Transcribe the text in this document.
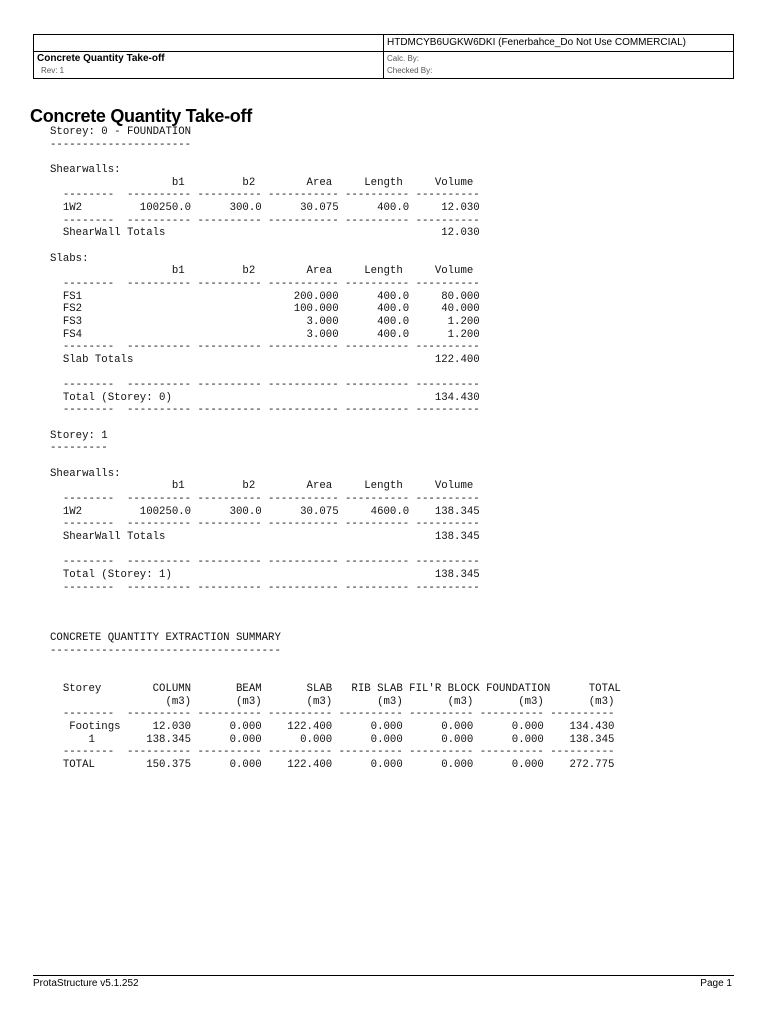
HTDMCYB6UGKW6DKI (Fenerbahce_Do Not Use COMMERCIAL)
Concrete Quantity Take-off
Rev: 1
Calc. By:
Checked By:
Concrete Quantity Take-off
Storey: 0 - FOUNDATION
----------------------

Shearwalls:
b1         b2        Area     Length     Volume
--------  ---------- ---------- ----------- ---------- ----------
1W2         100250.0      300.0      30.075      400.0     12.030
--------  ---------- ---------- ----------- ---------- ----------
ShearWall Totals                                           12.030

Slabs:
b1         b2        Area     Length     Volume
--------  ---------- ---------- ----------- ---------- ----------
FS1                                 200.000      400.0     80.000
FS2                                 100.000      400.0     40.000
FS3                                   3.000      400.0      1.200
FS4                                   3.000      400.0      1.200
--------  ---------- ---------- ----------- ---------- ----------
Slab Totals                                               122.400

--------  ---------- ---------- ----------- ---------- ----------
Total (Storey: 0)                                         134.430
--------  ---------- ---------- ----------- ---------- ----------

Storey: 1
---------

Shearwalls:
b1         b2        Area     Length     Volume
--------  ---------- ---------- ----------- ---------- ----------
1W2         100250.0      300.0      30.075     4600.0    138.345
--------  ---------- ---------- ----------- ---------- ----------
ShearWall Totals                                          138.345

--------  ---------- ---------- ----------- ---------- ----------
Total (Storey: 1)                                         138.345
--------  ---------- ---------- ----------- ---------- ----------

CONCRETE QUANTITY EXTRACTION SUMMARY
------------------------------------

Storey        COLUMN       BEAM       SLAB   RIB SLAB FIL'R BLOCK FOUNDATION      TOTAL
(m3)       (m3)       (m3)       (m3)       (m3)       (m3)       (m3)
--------  ---------- ---------- ---------- ---------- ---------- ---------- ----------
Footings     12.030      0.000    122.400      0.000      0.000      0.000    134.430
1        138.345      0.000      0.000      0.000      0.000      0.000    138.345
--------  ---------- ---------- ---------- ---------- ---------- ---------- ----------
TOTAL        150.375      0.000    122.400      0.000      0.000      0.000    272.775
ProtaStructure v5.1.252	Page 1
